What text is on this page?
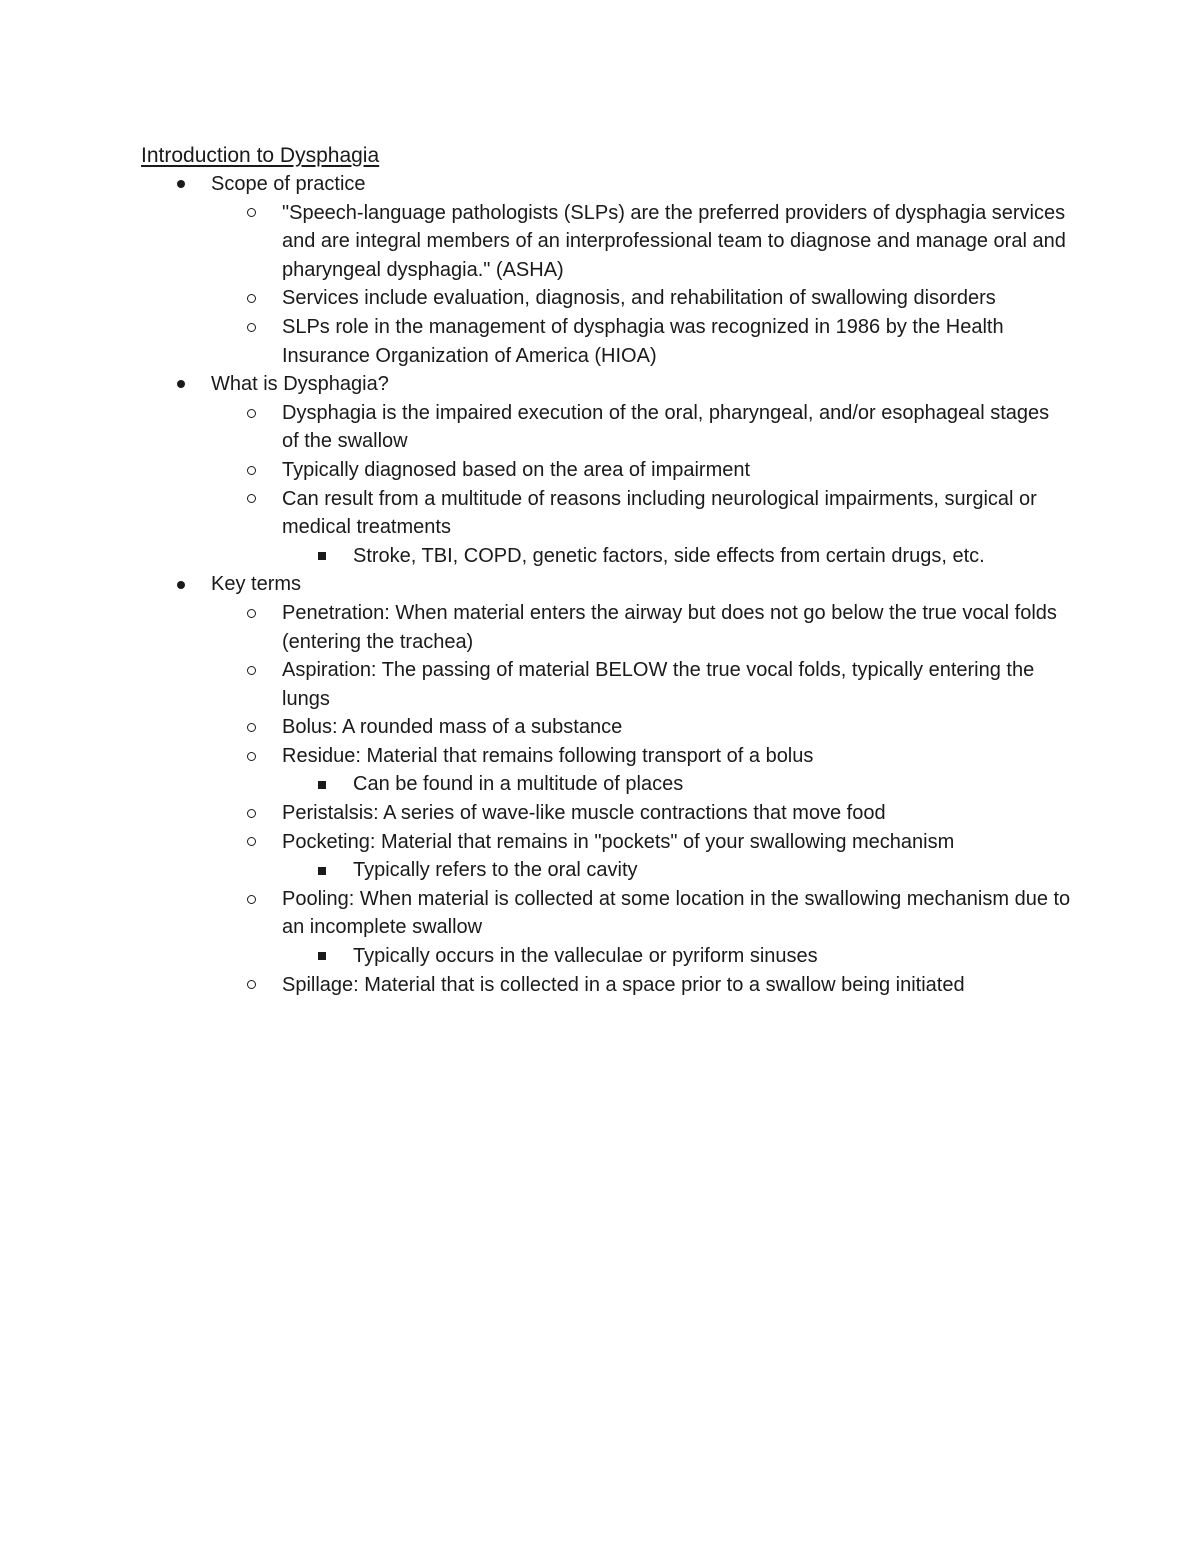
Introduction to Dysphagia
Scope of practice
"Speech-language pathologists (SLPs) are the preferred providers of dysphagia services and are integral members of an interprofessional team to diagnose and manage oral and pharyngeal dysphagia." (ASHA)
Services include evaluation, diagnosis, and rehabilitation of swallowing disorders
SLPs role in the management of dysphagia was recognized in 1986 by the Health Insurance Organization of America (HIOA)
What is Dysphagia?
Dysphagia is the impaired execution of the oral, pharyngeal, and/or esophageal stages of the swallow
Typically diagnosed based on the area of impairment
Can result from a multitude of reasons including neurological impairments, surgical or medical treatments
Stroke, TBI, COPD, genetic factors, side effects from certain drugs, etc.
Key terms
Penetration: When material enters the airway but does not go below the true vocal folds (entering the trachea)
Aspiration: The passing of material BELOW the true vocal folds, typically entering the lungs
Bolus: A rounded mass of a substance
Residue: Material that remains following transport of a bolus
Can be found in a multitude of places
Peristalsis: A series of wave-like muscle contractions that move food
Pocketing: Material that remains in "pockets" of your swallowing mechanism
Typically refers to the oral cavity
Pooling: When material is collected at some location in the swallowing mechanism due to an incomplete swallow
Typically occurs in the valleculae or pyriform sinuses
Spillage: Material that is collected in a space prior to a swallow being initiated
